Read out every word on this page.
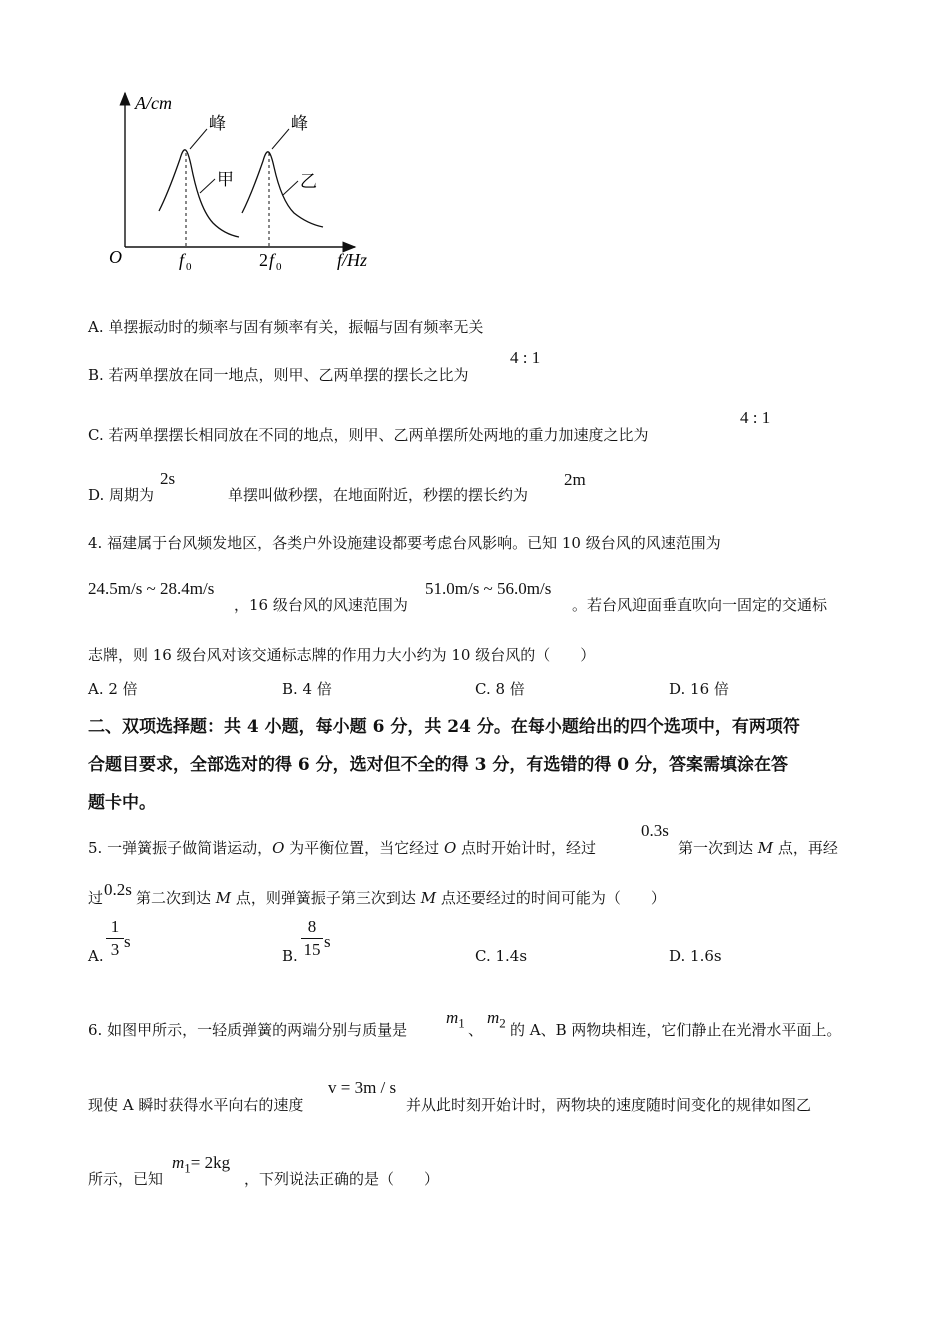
A/cm
f/Hz
O
峰	峰
甲	乙
f 0	2 f 0
A. 单摆振动时的频率与固有频率有关，振幅与固有频率无关
B. 若两单摆放在同一地点，则甲、乙两单摆的摆长之比为
4 : 1
C. 若两单摆摆长相同放在不同的地点，则甲、乙两单摆所处两地的重力加速度之比为
4 : 1
D. 周期为
2s
单摆叫做秒摆，在地面附近，秒摆的摆长约为
2m
4. 福建属于台风频发地区，各类户外设施建设都要考虑台风影响。已知 10 级台风的风速范围为
24.5m/s ~ 28.4m/s
，16 级台风的风速范围为
51.0m/s ~ 56.0m/s
。若台风迎面垂直吹向一固定的交通标
志牌，则 16 级台风对该交通标志牌的作用力大小约为 10 级台风的（　　）
A. 2 倍	B. 4 倍	C. 8 倍	D. 16 倍
二、双项选择题：共 4 小题，每小题 6 分，共 24 分。在每小题给出的四个选项中，有两项符
合题目要求，全部选对的得 6 分，选对但不全的得 3 分，有选错的得 0 分，答案需填涂在答
题卡中。
5. 一弹簧振子做简谐运动，O 为平衡位置，当它经过 O 点时开始计时，经过
0.3s
第一次到达 M 点，再经
过 0.2s 第二次到达 M 点，则弹簧振子第三次到达 M 点还要经过的时间可能为（　　）
A.
1
3 s
B.
8
15 s
C. 1.4s	D. 1.6s
6. 如图甲所示，一轻质弹簧的两端分别与质量是
$m_1$ 、
$m_2$ 的 A、B 两物块相连，它们静止在光滑水平面上。
现使 A 瞬时获得水平向右的速度
v = 3m / s
并从此时刻开始计时，两物块的速度随时间变化的规律如图乙
所示，已知
$m_1= 2kg$
，下列说法正确的是（　　）
